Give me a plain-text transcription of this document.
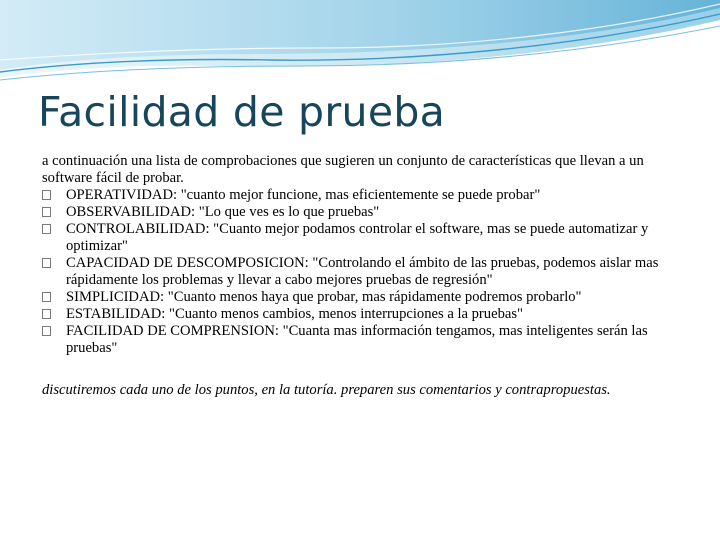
Facilidad de prueba

a continuación una lista de comprobaciones que sugieren un conjunto de características que llevan a un software fácil de probar.

OPERATIVIDAD: "cuanto mejor funcione, mas eficientemente se puede probar"
OBSERVABILIDAD: "Lo que ves es lo que pruebas"
CONTROLABILIDAD: "Cuanto mejor podamos controlar el software, mas se puede automatizar y optimizar"
CAPACIDAD DE DESCOMPOSICION: "Controlando el ámbito de las pruebas, podemos aislar mas rápidamente los problemas y llevar a cabo mejores pruebas de regresión"
SIMPLICIDAD: "Cuanto menos haya que probar, mas rápidamente podremos probarlo"
ESTABILIDAD: "Cuanto menos cambios, menos interrupciones a la pruebas"
FACILIDAD DE COMPRENSION: "Cuanta mas información tengamos, mas inteligentes serán las pruebas"

discutiremos cada uno de los puntos, en la tutoría. preparen sus comentarios y contrapropuestas.
